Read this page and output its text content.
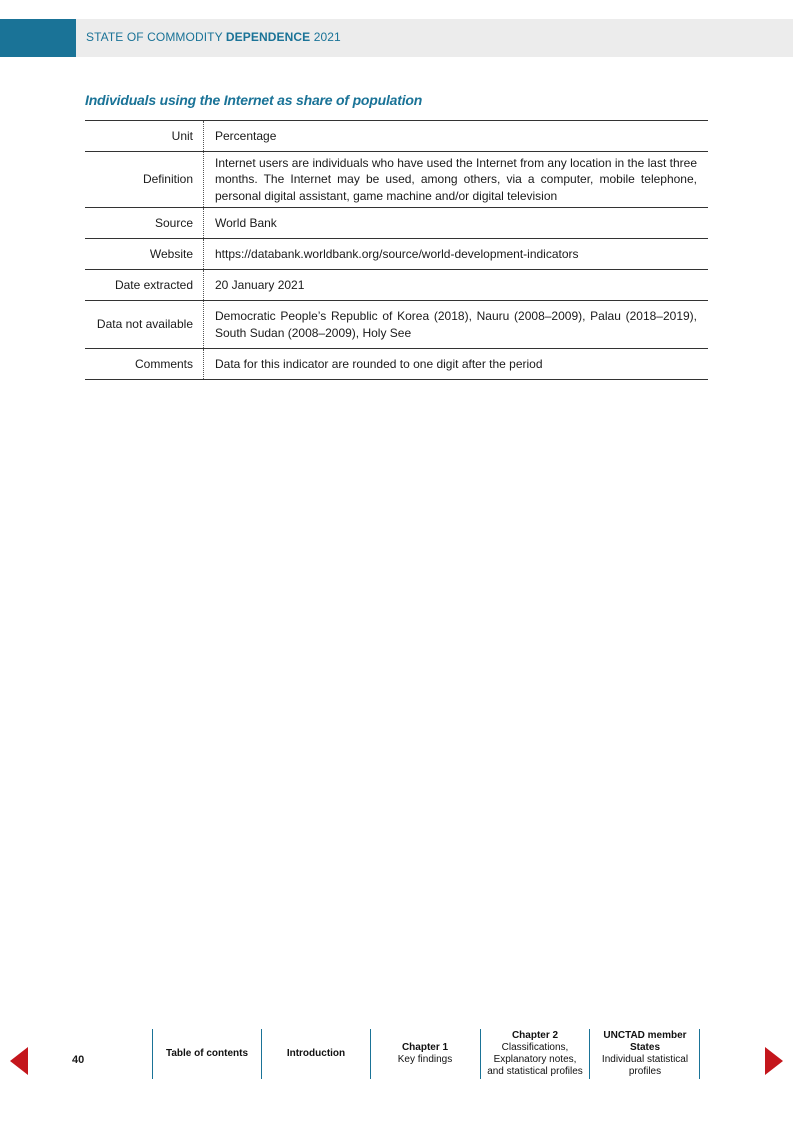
STATE OF COMMODITY DEPENDENCE 2021
Individuals using the Internet as share of population
Unit	Percentage
Definition	Internet users are individuals who have used the Internet from any location in the last three months. The Internet may be used, among others, via a computer, mobile telephone, personal digital assistant, game machine and/or digital television
Source	World Bank
Website	https://databank.worldbank.org/source/world-development-indicators
Date extracted	20 January 2021
Data not available	Democratic People’s Republic of Korea (2018), Nauru (2008–2009), Palau (2018–2019), South Sudan (2008–2009), Holy See
Comments	Data for this indicator are rounded to one digit after the period
40
Table of contents	Introduction
Chapter 1
Key findings
Chapter 2
Classifications, Explanatory notes, and statistical profiles
UNCTAD member States
Individual statistical profiles
